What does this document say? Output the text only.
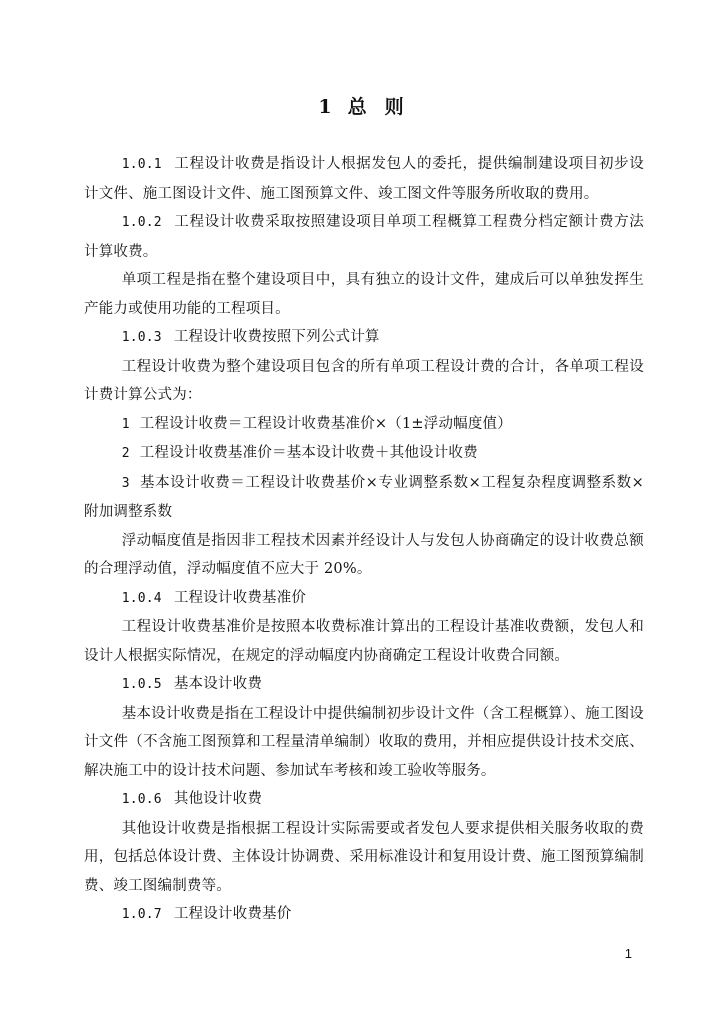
1 总 则

1.0.1 工程设计收费是指设计人根据发包人的委托，提供编制建设项目初步设计文件、施工图设计文件、施工图预算文件、竣工图文件等服务所收取的费用。

1.0.2 工程设计收费采取按照建设项目单项工程概算工程费分档定额计费方法计算收费。

单项工程是指在整个建设项目中，具有独立的设计文件，建成后可以单独发挥生产能力或使用功能的工程项目。

1.0.3 工程设计收费按照下列公式计算

工程设计收费为整个建设项目包含的所有单项工程设计费的合计，各单项工程设计费计算公式为：

1 工程设计收费＝工程设计收费基准价×（1±浮动幅度值）

2 工程设计收费基准价＝基本设计收费＋其他设计收费

3 基本设计收费＝工程设计收费基价×专业调整系数×工程复杂程度调整系数×附加调整系数

浮动幅度值是指因非工程技术因素并经设计人与发包人协商确定的设计收费总额的合理浮动值，浮动幅度值不应大于 20%。

1.0.4 工程设计收费基准价

工程设计收费基准价是按照本收费标准计算出的工程设计基准收费额，发包人和设计人根据实际情况，在规定的浮动幅度内协商确定工程设计收费合同额。

1.0.5 基本设计收费

基本设计收费是指在工程设计中提供编制初步设计文件（含工程概算）、施工图设计文件（不含施工图预算和工程量清单编制）收取的费用，并相应提供设计技术交底、解决施工中的设计技术问题、参加试车考核和竣工验收等服务。

1.0.6 其他设计收费

其他设计收费是指根据工程设计实际需要或者发包人要求提供相关服务收取的费用，包括总体设计费、主体设计协调费、采用标准设计和复用设计费、施工图预算编制费、竣工图编制费等。

1.0.7 工程设计收费基价

1
